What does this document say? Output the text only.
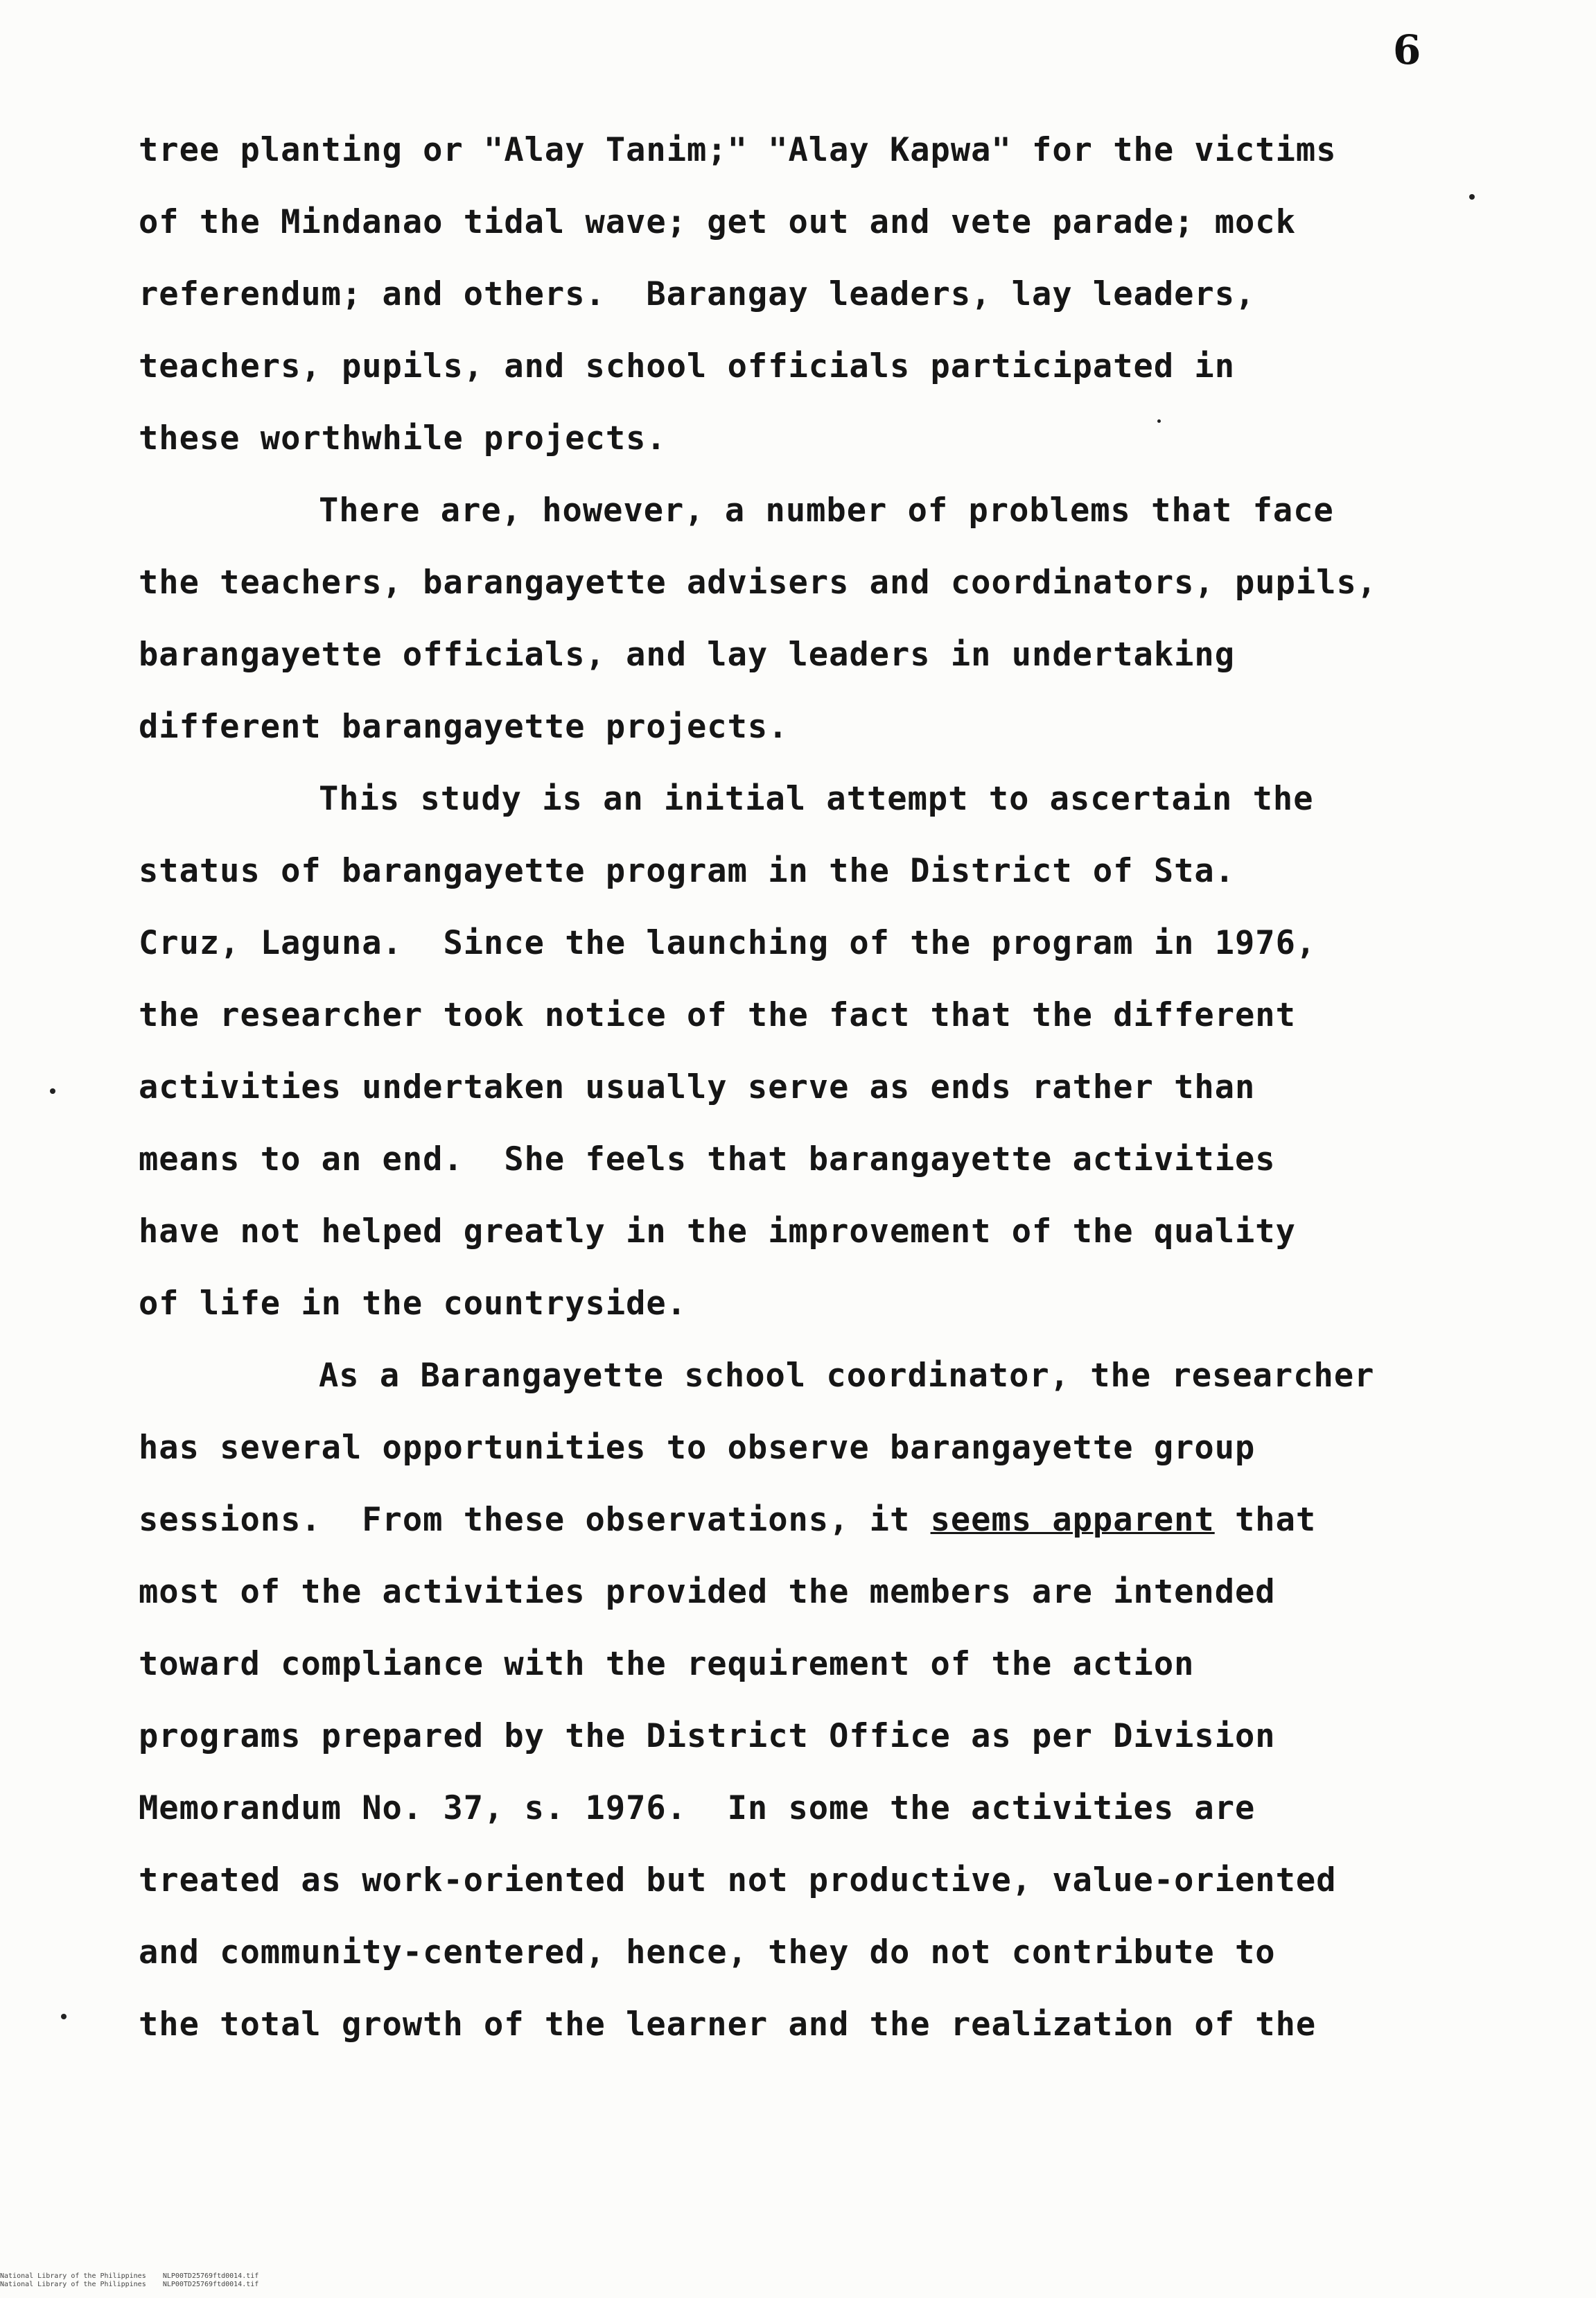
6
tree planting or "Alay Tanim;" "Alay Kapwa" for the victims
of the Mindanao tidal wave; get out and vete parade; mock
referendum; and others.  Barangay leaders, lay leaders,
teachers, pupils, and school officials participated in
these worthwhile projects.
There are, however, a number of problems that face
the teachers, barangayette advisers and coordinators, pupils,
barangayette officials, and lay leaders in undertaking
different barangayette projects.
This study is an initial attempt to ascertain the
status of barangayette program in the District of Sta.
Cruz, Laguna.  Since the launching of the program in 1976,
the researcher took notice of the fact that the different
activities undertaken usually serve as ends rather than
means to an end.  She feels that barangayette activities
have not helped greatly in the improvement of the quality
of life in the countryside.
As a Barangayette school coordinator, the researcher
has several opportunities to observe barangayette group
sessions.  From these observations, it seems apparent that
most of the activities provided the members are intended
toward compliance with the requirement of the action
programs prepared by the District Office as per Division
Memorandum No. 37, s. 1976.  In some the activities are
treated as work-oriented but not productive, value-oriented
and community-centered, hence, they do not contribute to
the total growth of the learner and the realization of the
National Library of the Philippines NLP00TD25769ftd0014.tif
National Library of the Philippines NLP00TD25769ftd0014.tif
